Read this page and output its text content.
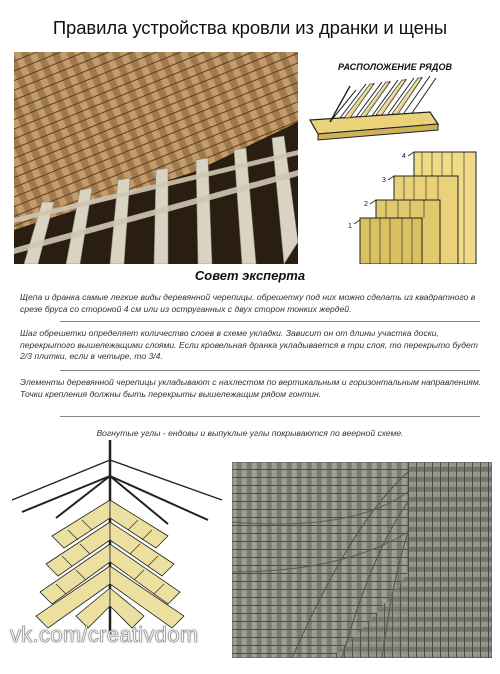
Правила устройства кровли из дранки и щены
РАСПОЛОЖЕНИЕ РЯДОВ
4
3
2
1
Совет эксперта
Щепа и дранка самые легкие виды деревянной черепицы. обрешетку под них можно сделать из квадратного в срезе бруса со стороной 4 см или из оструганных с двух сторон тонких жердей.
Шаг обрешетки определяет количество слоев в схеме укладки. Зависит он от длины участка доски, перекрытого вышележащими слоями. Если кровельная дранка укладывается в три слоя, то перекрыто будет 2/3 плитки, если в четыре, то 3/4.
Элементы деревянной черепицы укладывают с нахлестом по вертикальным и горизонтальным направлениям. Точки крепления должны быть перекрыты вышележащим рядом гонтин.
Вогнутые углы - ендовы и выпуклые углы покрываются по веерной схеме.
vk.com/creativdom
